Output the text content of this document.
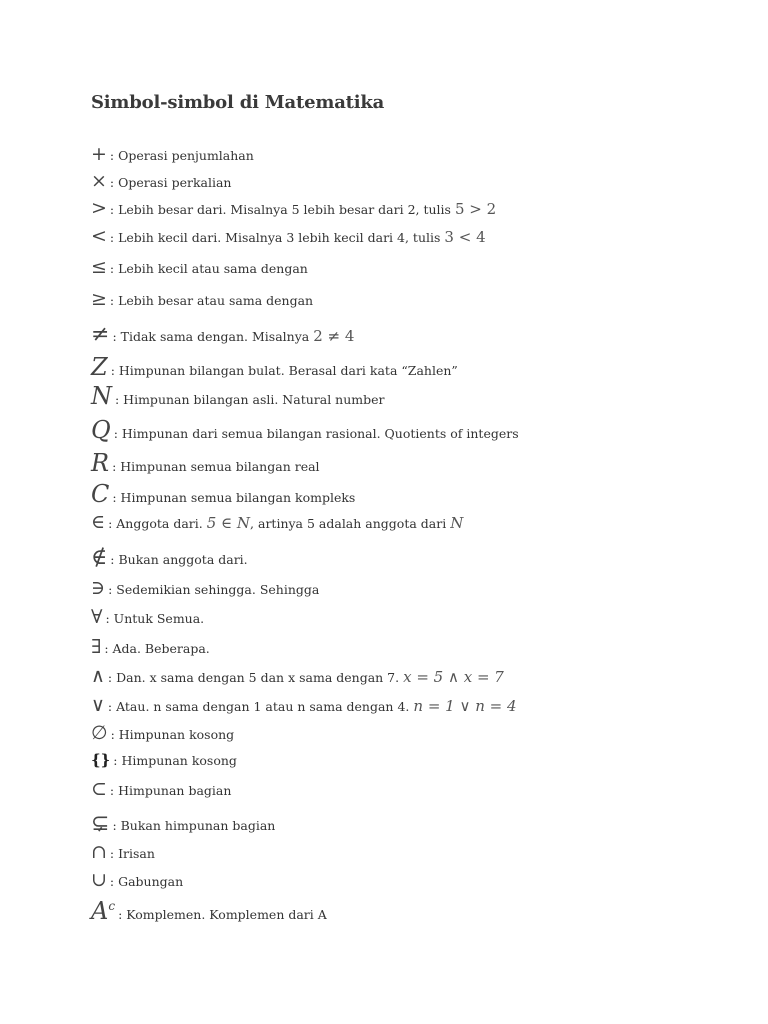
Simbol-simbol di Matematika
+ : Operasi penjumlahan
× : Operasi perkalian
> : Lebih besar dari. Misalnya 5 lebih besar dari 2, tulis 5 > 2
< : Lebih kecil dari. Misalnya 3 lebih kecil dari 4, tulis 3 < 4
≤ : Lebih kecil atau sama dengan
≥ : Lebih besar atau sama dengan
≠ : Tidak sama dengan. Misalnya 2 ≠ 4
Z : Himpunan bilangan bulat. Berasal dari kata “Zahlen”
N : Himpunan bilangan asli. Natural number
Q : Himpunan dari semua bilangan rasional. Quotients of integers
R : Himpunan semua bilangan real
C : Himpunan semua bilangan kompleks
∈ : Anggota dari. 5 ∈ N , artinya 5 adalah anggota dari N
∉ : Bukan anggota dari.
∋ : Sedemikian sehingga. Sehingga
∀ : Untuk Semua.
∃ : Ada. Beberapa.
∧ : Dan. x sama dengan 5 dan x sama dengan 7. x = 5 ∧ x = 7
∨ : Atau. n sama dengan 1 atau n sama dengan 4. n = 1 ∨ n = 4
∅ : Himpunan kosong
{} : Himpunan kosong
⊂ : Himpunan bagian
⊊ : Bukan himpunan bagian
∩ : Irisan
∪ : Gabungan
$A^c$
: Komplemen. Komplemen dari A
